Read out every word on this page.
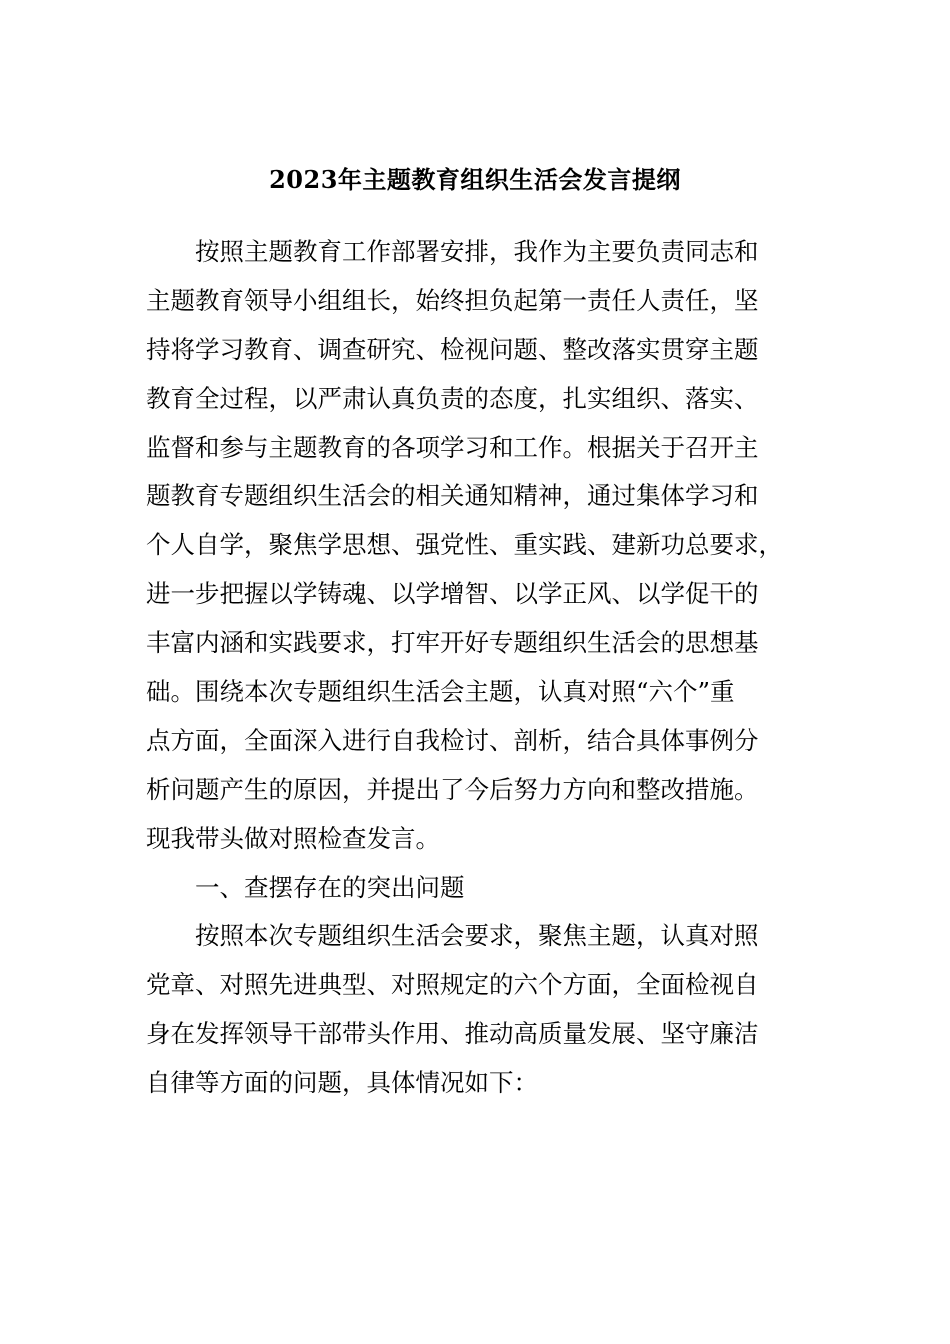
2023年主题教育组织生活会发言提纲
按照主题教育工作部署安排，我作为主要负责同志和
主题教育领导小组组长，始终担负起第一责任人责任，坚
持将学习教育、调查研究、检视问题、整改落实贯穿主题
教育全过程，以严肃认真负责的态度，扎实组织、落实、
监督和参与主题教育的各项学习和工作。根据关于召开主
题教育专题组织生活会的相关通知精神，通过集体学习和
个人自学，聚焦学思想、强党性、重实践、建新功总要求，
进一步把握以学铸魂、以学增智、以学正风、以学促干的
丰富内涵和实践要求，打牢开好专题组织生活会的思想基
础。围绕本次专题组织生活会主题，认真对照“六个”重
点方面，全面深入进行自我检讨、剖析，结合具体事例分
析问题产生的原因，并提出了今后努力方向和整改措施。
现我带头做对照检查发言。
一、查摆存在的突出问题
按照本次专题组织生活会要求，聚焦主题，认真对照
党章、对照先进典型、对照规定的六个方面，全面检视自
身在发挥领导干部带头作用、推动高质量发展、坚守廉洁
自律等方面的问题，具体情况如下：
